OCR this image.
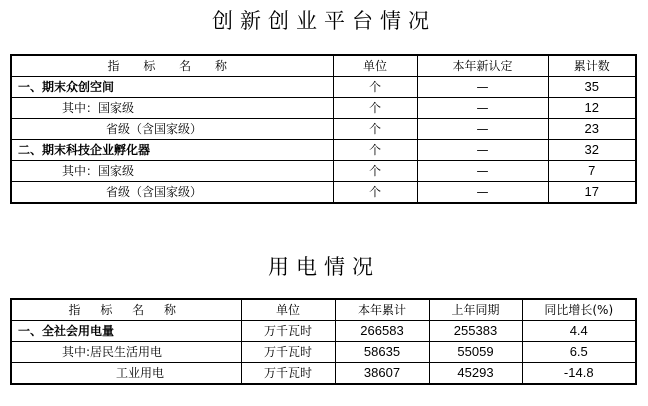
创新创业平台情况
指 标 名 称	单位	本年新认定	累计数
一、期末众创空间	个	—	35
其中：国家级	个	—	12
省级（含国家级）	个	—	23
二、期末科技企业孵化器	个	—	32
其中：国家级	个	—	7
省级（含国家级）	个	—	17
用电情况
指 标 名 称	单位	本年累计	上年同期	同比增长(%)
一、全社会用电量	万千瓦时	266583	255383	4.4
其中:居民生活用电	万千瓦时	58635	55059	6.5
工业用电	万千瓦时	38607	45293	-14.8
